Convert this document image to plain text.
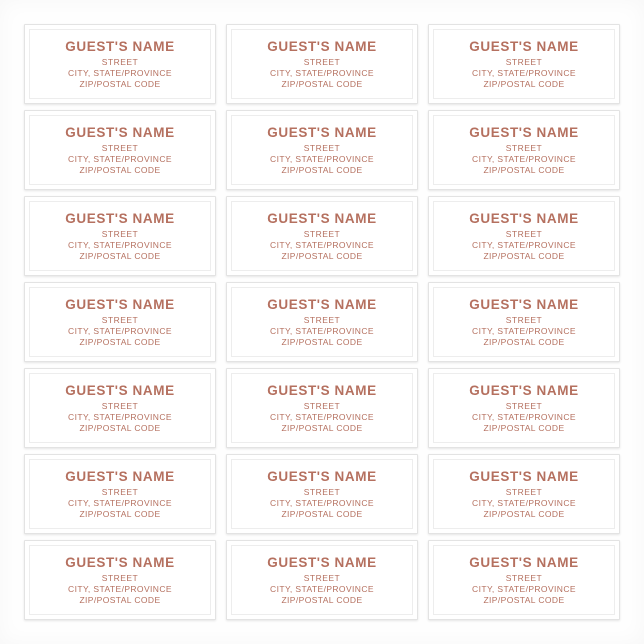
GUEST'S NAME
STREET
CITY, STATE/PROVINCE
ZIP/POSTAL CODE
GUEST'S NAME
STREET
CITY, STATE/PROVINCE
ZIP/POSTAL CODE
GUEST'S NAME
STREET
CITY, STATE/PROVINCE
ZIP/POSTAL CODE
GUEST'S NAME
STREET
CITY, STATE/PROVINCE
ZIP/POSTAL CODE
GUEST'S NAME
STREET
CITY, STATE/PROVINCE
ZIP/POSTAL CODE
GUEST'S NAME
STREET
CITY, STATE/PROVINCE
ZIP/POSTAL CODE
GUEST'S NAME
STREET
CITY, STATE/PROVINCE
ZIP/POSTAL CODE
GUEST'S NAME
STREET
CITY, STATE/PROVINCE
ZIP/POSTAL CODE
GUEST'S NAME
STREET
CITY, STATE/PROVINCE
ZIP/POSTAL CODE
GUEST'S NAME
STREET
CITY, STATE/PROVINCE
ZIP/POSTAL CODE
GUEST'S NAME
STREET
CITY, STATE/PROVINCE
ZIP/POSTAL CODE
GUEST'S NAME
STREET
CITY, STATE/PROVINCE
ZIP/POSTAL CODE
GUEST'S NAME
STREET
CITY, STATE/PROVINCE
ZIP/POSTAL CODE
GUEST'S NAME
STREET
CITY, STATE/PROVINCE
ZIP/POSTAL CODE
GUEST'S NAME
STREET
CITY, STATE/PROVINCE
ZIP/POSTAL CODE
GUEST'S NAME
STREET
CITY, STATE/PROVINCE
ZIP/POSTAL CODE
GUEST'S NAME
STREET
CITY, STATE/PROVINCE
ZIP/POSTAL CODE
GUEST'S NAME
STREET
CITY, STATE/PROVINCE
ZIP/POSTAL CODE
GUEST'S NAME
STREET
CITY, STATE/PROVINCE
ZIP/POSTAL CODE
GUEST'S NAME
STREET
CITY, STATE/PROVINCE
ZIP/POSTAL CODE
GUEST'S NAME
STREET
CITY, STATE/PROVINCE
ZIP/POSTAL CODE
